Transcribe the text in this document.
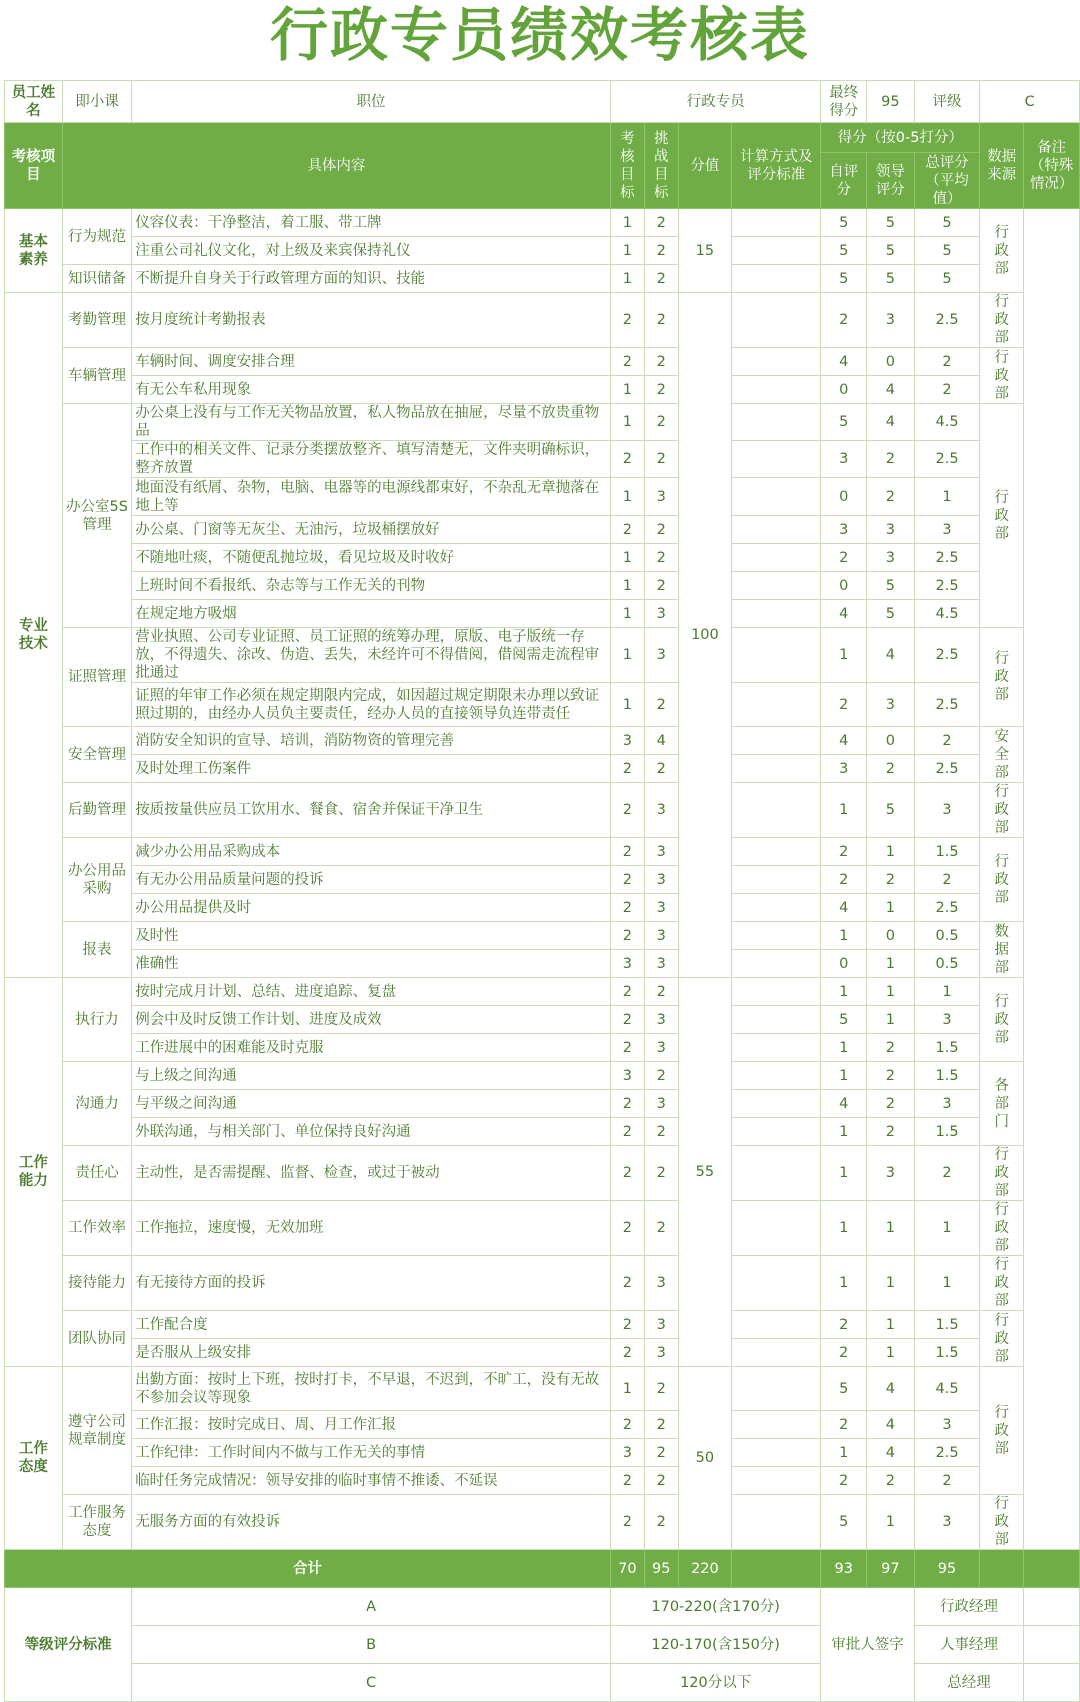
行政专员绩效考核表
员工姓名	即小课	职位	行政专员				最终得分	95	评级	C	
考核项目	具体内容		考核目标	挑战目标	分值	计算方式及评分标准	得分（按0-5打分）			数据来源	备注（特殊情况）
							自评分	领导评分	总评分（平均值）		
基本素养	行为规范	仪容仪表：干净整洁，着工服、带工牌	1	2	15		5	5	5	行政部	
		注重公司礼仪文化，对上级及来宾保持礼仪	1	2			5	5	5		
	知识储备	不断提升自身关于行政管理方面的知识、技能	1	2			5	5	5		
专业技术	考勤管理	按月度统计考勤报表	2	2	100		2	3	2.5	行政部	
	车辆管理	车辆时间、调度安排合理	2	2			4	0	2	行政部	
		有无公车私用现象	1	2			0	4	2		
	办公室5S管理	办公桌上没有与工作无关物品放置，私人物品放在抽屉，尽量不放贵重物品	1	2			5	4	4.5	行政部	
		工作中的相关文件、记录分类摆放整齐、填写清楚无，文件夹明确标识，整齐放置	2	2			3	2	2.5		
		地面没有纸屑、杂物，电脑、电器等的电源线都束好，不杂乱无章抛落在地上等	1	3			0	2	1		
		办公桌、门窗等无灰尘、无油污，垃圾桶摆放好	2	2			3	3	3		
		不随地吐痰，不随便乱抛垃圾，看见垃圾及时收好	1	2			2	3	2.5		
		上班时间不看报纸、杂志等与工作无关的刊物	1	2			0	5	2.5		
		在规定地方吸烟	1	3			4	5	4.5		
	证照管理	营业执照、公司专业证照、员工证照的统筹办理，原版、电子版统一存放，不得遗失、涂改、伪造、丢失，未经许可不得借阅，借阅需走流程审批通过	1	3			1	4	2.5	行政部	
		证照的年审工作必须在规定期限内完成，如因超过规定期限未办理以致证照过期的，由经办人员负主要责任，经办人员的直接领导负连带责任	1	2			2	3	2.5		
	安全管理	消防安全知识的宣导、培训，消防物资的管理完善	3	4			4	0	2	安全部	
		及时处理工伤案件	2	2			3	2	2.5		
	后勤管理	按质按量供应员工饮用水、餐食、宿舍并保证干净卫生	2	3			1	5	3	行政部	
	办公用品采购	减少办公用品采购成本	2	3			2	1	1.5	行政部	
		有无办公用品质量问题的投诉	2	3			2	2	2		
		办公用品提供及时	2	3			4	1	2.5		
	报表	及时性	2	3			1	0	0.5	数据部	
		准确性	3	3			0	1	0.5		
工作能力	执行力	按时完成月计划、总结、进度追踪、复盘	2	2	55		1	1	1	行政部	
		例会中及时反馈工作计划、进度及成效	2	3			5	1	3		
		工作进展中的困难能及时克服	2	3			1	2	1.5		
	沟通力	与上级之间沟通	3	2			1	2	1.5	各部门	
		与平级之间沟通	2	3			4	2	3		
		外联沟通，与相关部门、单位保持良好沟通	2	2			1	2	1.5		
	责任心	主动性，是否需提醒、监督、检查，或过于被动	2	2			1	3	2	行政部	
	工作效率	工作拖拉，速度慢，无效加班	2	2			1	1	1	行政部	
	接待能力	有无接待方面的投诉	2	3			1	1	1	行政部	
	团队协同	工作配合度	2	3			2	1	1.5	行政部	
		是否服从上级安排	2	3			2	1	1.5		
工作态度	遵守公司规章制度	出勤方面：按时上下班，按时打卡，不早退，不迟到，不旷工，没有无故不参加会议等现象	1	2	50		5	4	4.5	行政部	
		工作汇报：按时完成日、周、月工作汇报	2	2			2	4	3		
		工作纪律：工作时间内不做与工作无关的事情	3	2			1	4	2.5		
		临时任务完成情况：领导安排的临时事情不推诿、不延误	2	2			2	2	2		
	工作服务态度	无服务方面的有效投诉	2	2			5	1	3	行政部	
合计			70	95	220		93	97	95		
等级评分标准		A	170-220(含170分)				审批人签字		行政经理		
		B	120-170(含150分)						人事经理		
		C	120分以下						总经理		
